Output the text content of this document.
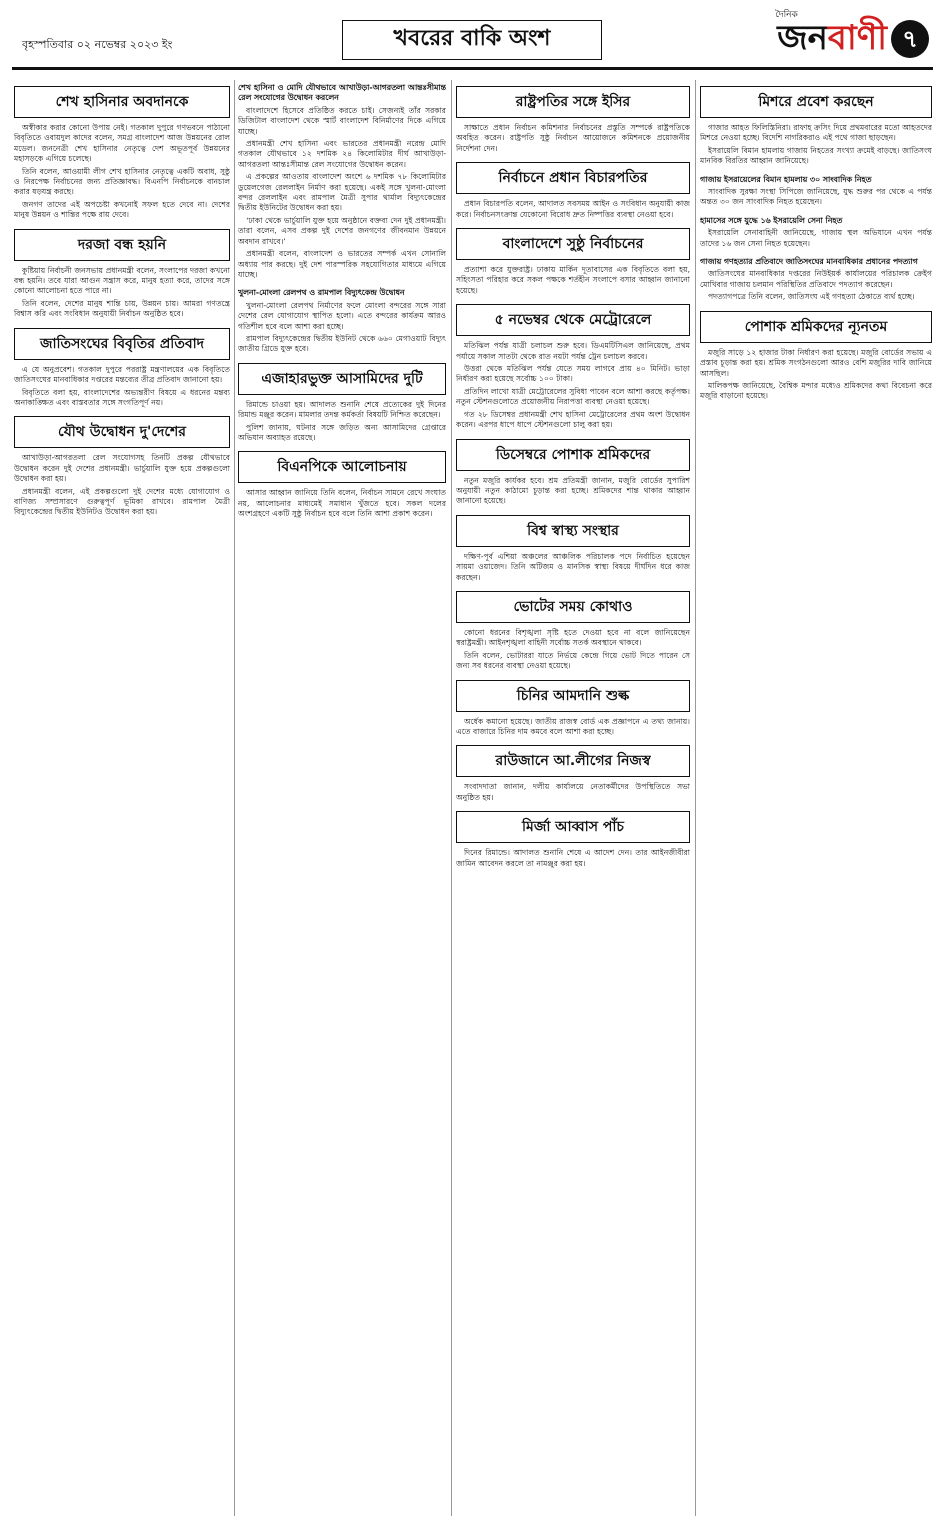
বৃহস্পতিবার ০২ নভেম্বর ২০২৩ ইং	খবরের বাকি অংশ
দৈনিক
জনবাণী ৭
শেখ হাসিনার অবদানকে

অস্বীকার করার কোনো উপায় নেই। গতকাল দুপুরে গণভবনে পাঠানো বিবৃতিতে ওবায়দুল কাদের বলেন, সমগ্র বাংলাদেশ আজ উন্নয়নের রোল মডেল। জননেত্রী শেখ হাসিনার নেতৃত্বে দেশ অভূতপূর্ব উন্নয়নের মহাসড়কে এগিয়ে চলেছে।

তিনি বলেন, আওয়ামী লীগ শেখ হাসিনার নেতৃত্বে একটি অবাধ, সুষ্ঠু ও নিরপেক্ষ নির্বাচনের জন্য প্রতিজ্ঞাবদ্ধ। বিএনপি নির্বাচনকে বানচাল করার ষড়যন্ত্র করছে।

জনগণ তাদের এই অপচেষ্টা কখনোই সফল হতে দেবে না। দেশের মানুষ উন্নয়ন ও শান্তির পক্ষে রায় দেবে।

দরজা বন্ধ হয়নি

কুষ্টিয়ায় নির্বাচনী জনসভায় প্রধানমন্ত্রী বলেন, সংলাপের দরজা কখনো বন্ধ হয়নি। তবে যারা আগুন সন্ত্রাস করে, মানুষ হত্যা করে, তাদের সঙ্গে কোনো আলোচনা হতে পারে না।

তিনি বলেন, দেশের মানুষ শান্তি চায়, উন্নয়ন চায়। আমরা গণতন্ত্রে বিশ্বাস করি এবং সংবিধান অনুযায়ী নির্বাচন অনুষ্ঠিত হবে।

জাতিসংঘের বিবৃতির প্রতিবাদ

এ যে অনুপ্রবেশ। গতকাল দুপুরে পররাষ্ট্র মন্ত্রণালয়ের এক বিবৃতিতে জাতিসংঘের মানবাধিকার দপ্তরের মন্তব্যের তীব্র প্রতিবাদ জানানো হয়।

বিবৃতিতে বলা হয়, বাংলাদেশের অভ্যন্তরীণ বিষয়ে এ ধরনের মন্তব্য অনাকাঙ্ক্ষিত এবং বাস্তবতার সঙ্গে সংগতিপূর্ণ নয়।

যৌথ উদ্বোধন দু'দেশের

আখাউড়া-আগরতলা রেল সংযোগসহ তিনটি প্রকল্প যৌথভাবে উদ্বোধন করেন দুই দেশের প্রধানমন্ত্রী। ভার্চুয়ালি যুক্ত হয়ে প্রকল্পগুলো উদ্বোধন করা হয়।

প্রধানমন্ত্রী বলেন, এই প্রকল্পগুলো দুই দেশের মধ্যে যোগাযোগ ও বাণিজ্য সম্প্রসারণে গুরুত্বপূর্ণ ভূমিকা রাখবে। রামপাল মৈত্রী বিদ্যুৎকেন্দ্রের দ্বিতীয় ইউনিটও উদ্বোধন করা হয়।

শেখ হাসিনা ও মোদি যৌথভাবে আখাউড়া-আগরতলা আন্তঃসীমান্ত রেল সংযোগের উদ্বোধন করলেন

বাংলাদেশে হিসেবে প্রতিষ্ঠিত করতে চাই। সেজন্যই তাঁর সরকার ডিজিটাল বাংলাদেশ থেকে স্মার্ট বাংলাদেশ বিনির্মাণের দিকে এগিয়ে যাচ্ছে।

প্রধানমন্ত্রী শেখ হাসিনা এবং ভারতের প্রধানমন্ত্রী নরেন্দ্র মোদি গতকাল যৌথভাবে ১২ দশমিক ২৪ কিলোমিটার দীর্ঘ আখাউড়া-আগরতলা আন্তঃসীমান্ত রেল সংযোগের উদ্বোধন করেন।

এ প্রকল্পের আওতায় বাংলাদেশ অংশে ৬ দশমিক ৭৮ কিলোমিটার ডুয়েলগেজ রেললাইন নির্মাণ করা হয়েছে। একই সঙ্গে খুলনা-মোংলা বন্দর রেললাইন এবং রামপাল মৈত্রী সুপার থার্মাল বিদ্যুৎকেন্দ্রের দ্বিতীয় ইউনিটের উদ্বোধন করা হয়।

‘ঢাকা থেকে ভার্চুয়ালি যুক্ত হয়ে অনুষ্ঠানে বক্তব্য দেন দুই প্রধানমন্ত্রী। তারা বলেন, এসব প্রকল্প দুই দেশের জনগণের জীবনমান উন্নয়নে অবদান রাখবে।’

প্রধানমন্ত্রী বলেন, বাংলাদেশ ও ভারতের সম্পর্ক এখন সোনালি অধ্যায় পার করছে। দুই দেশ পারস্পরিক সহযোগিতার মাধ্যমে এগিয়ে যাচ্ছে।

খুলনা-মোংলা রেলপথ ও রামপাল বিদ্যুৎকেন্দ্র উদ্বোধন

খুলনা-মোংলা রেলপথ নির্মাণের ফলে মোংলা বন্দরের সঙ্গে সারা দেশের রেল যোগাযোগ স্থাপিত হলো। এতে বন্দরের কার্যক্রম আরও গতিশীল হবে বলে আশা করা হচ্ছে।

রামপাল বিদ্যুৎকেন্দ্রের দ্বিতীয় ইউনিট থেকে ৬৬০ মেগাওয়াট বিদ্যুৎ জাতীয় গ্রিডে যুক্ত হবে।

এজাহারভুক্ত আসামিদের দুটি

রিমান্ডে চাওয়া হয়। আদালত শুনানি শেষে প্রত্যেকের দুই দিনের রিমান্ড মঞ্জুর করেন। মামলার তদন্ত কর্মকর্তা বিষয়টি নিশ্চিত করেছেন।

পুলিশ জানায়, ঘটনার সঙ্গে জড়িত অন্য আসামিদের গ্রেপ্তারে অভিযান অব্যাহত রয়েছে।

বিএনপিকে আলোচনায়

আসার আহ্বান জানিয়ে তিনি বলেন, নির্বাচন সামনে রেখে সংঘাত নয়, আলোচনার মাধ্যমেই সমাধান খুঁজতে হবে। সকল দলের অংশগ্রহণে একটি সুষ্ঠু নির্বাচন হবে বলে তিনি আশা প্রকাশ করেন।

রাষ্ট্রপতির সঙ্গে ইসির

সাক্ষাতে প্রধান নির্বাচন কমিশনার নির্বাচনের প্রস্তুতি সম্পর্কে রাষ্ট্রপতিকে অবহিত করেন। রাষ্ট্রপতি সুষ্ঠু নির্বাচন আয়োজনে কমিশনকে প্রয়োজনীয় নির্দেশনা দেন।

নির্বাচনে প্রধান বিচারপতির

প্রধান বিচারপতি বলেন, আদালত সবসময় আইন ও সংবিধান অনুযায়ী কাজ করে। নির্বাচনসংক্রান্ত যেকোনো বিরোধ দ্রুত নিষ্পত্তির ব্যবস্থা নেওয়া হবে।

বাংলাদেশে সুষ্ঠু নির্বাচনের

প্রত্যাশা করে যুক্তরাষ্ট্র। ঢাকায় মার্কিন দূতাবাসের এক বিবৃতিতে বলা হয়, সহিংসতা পরিহার করে সকল পক্ষকে শর্তহীন সংলাপে বসার আহ্বান জানানো হয়েছে।

৫ নভেম্বর থেকে মেট্রোরেলে

মতিঝিল পর্যন্ত যাত্রী চলাচল শুরু হবে। ডিএমটিসিএল জানিয়েছে, প্রথম পর্যায়ে সকাল সাতটা থেকে রাত নয়টা পর্যন্ত ট্রেন চলাচল করবে।

উত্তরা থেকে মতিঝিল পর্যন্ত যেতে সময় লাগবে প্রায় ৪০ মিনিট। ভাড়া নির্ধারণ করা হয়েছে সর্বোচ্চ ১০০ টাকা।

প্রতিদিন লাখো যাত্রী মেট্রোরেলের সুবিধা পাবেন বলে আশা করছে কর্তৃপক্ষ। নতুন স্টেশনগুলোতে প্রয়োজনীয় নিরাপত্তা ব্যবস্থা নেওয়া হয়েছে।

গত ২৮ ডিসেম্বর প্রধানমন্ত্রী শেখ হাসিনা মেট্রোরেলের প্রথম অংশ উদ্বোধন করেন। এরপর ধাপে ধাপে স্টেশনগুলো চালু করা হয়।

ডিসেম্বরে পোশাক শ্রমিকদের

নতুন মজুরি কার্যকর হবে। শ্রম প্রতিমন্ত্রী জানান, মজুরি বোর্ডের সুপারিশ অনুযায়ী নতুন কাঠামো চূড়ান্ত করা হচ্ছে। শ্রমিকদের শান্ত থাকার আহ্বান জানানো হয়েছে।

বিশ্ব স্বাস্থ্য সংস্থার

দক্ষিণ-পূর্ব এশিয়া অঞ্চলের আঞ্চলিক পরিচালক পদে নির্বাচিত হয়েছেন সায়মা ওয়াজেদ। তিনি অটিজম ও মানসিক স্বাস্থ্য বিষয়ে দীর্ঘদিন ধরে কাজ করছেন।

ভোটের সময় কোথাও

কোনো ধরনের বিশৃঙ্খলা সৃষ্টি হতে দেওয়া হবে না বলে জানিয়েছেন স্বরাষ্ট্রমন্ত্রী। আইনশৃঙ্খলা বাহিনী সর্বোচ্চ সতর্ক অবস্থানে থাকবে।

তিনি বলেন, ভোটাররা যাতে নির্ভয়ে কেন্দ্রে গিয়ে ভোট দিতে পারেন সে জন্য সব ধরনের ব্যবস্থা নেওয়া হয়েছে।

চিনির আমদানি শুল্ক

অর্ধেক কমানো হয়েছে। জাতীয় রাজস্ব বোর্ড এক প্রজ্ঞাপনে এ তথ্য জানায়। এতে বাজারে চিনির দাম কমবে বলে আশা করা হচ্ছে।

রাউজানে আ.লীগের নিজস্ব

সংবাদদাতা জানান, দলীয় কার্যালয়ে নেতাকর্মীদের উপস্থিতিতে সভা অনুষ্ঠিত হয়।

মির্জা আব্বাস পাঁচ

দিনের রিমান্ডে। আদালত শুনানি শেষে এ আদেশ দেন। তার আইনজীবীরা জামিন আবেদন করলে তা নামঞ্জুর করা হয়।

মিশরে প্রবেশ করছেন

গাজার আহত ফিলিস্তিনিরা। রাফাহ ক্রসিং দিয়ে প্রথমবারের মতো আহতদের মিশরে নেওয়া হচ্ছে। বিদেশি নাগরিকরাও এই পথে গাজা ছাড়ছেন।

ইসরায়েলি বিমান হামলায় গাজায় নিহতের সংখ্যা ক্রমেই বাড়ছে। জাতিসংঘ মানবিক বিরতির আহ্বান জানিয়েছে।

গাজায় ইসরায়েলের বিমান হামলায় ৩০ সাংবাদিক নিহত

সাংবাদিক সুরক্ষা সংস্থা সিপিজে জানিয়েছে, যুদ্ধ শুরুর পর থেকে এ পর্যন্ত অন্তত ৩০ জন সাংবাদিক নিহত হয়েছেন।

হামাসের সঙ্গে যুদ্ধে ১৬ ইসরায়েলি সেনা নিহত

ইসরায়েলি সেনাবাহিনী জানিয়েছে, গাজায় স্থল অভিযানে এখন পর্যন্ত তাদের ১৬ জন সেনা নিহত হয়েছেন।

গাজায় গণহত্যার প্রতিবাদে জাতিসংঘের মানবাধিকার প্রধানের পদত্যাগ

জাতিসংঘের মানবাধিকার দপ্তরের নিউইয়র্ক কার্যালয়ের পরিচালক ক্রেইগ মোখিবার গাজায় চলমান পরিস্থিতির প্রতিবাদে পদত্যাগ করেছেন।

পদত্যাগপত্রে তিনি বলেন, জাতিসংঘ এই গণহত্যা ঠেকাতে ব্যর্থ হচ্ছে।

পোশাক শ্রমিকদের ন্যূনতম

মজুরি সাড়ে ১২ হাজার টাকা নির্ধারণ করা হয়েছে। মজুরি বোর্ডের সভায় এ প্রস্তাব চূড়ান্ত করা হয়। শ্রমিক সংগঠনগুলো আরও বেশি মজুরির দাবি জানিয়ে আসছিল।

মালিকপক্ষ জানিয়েছে, বৈশ্বিক মন্দার মধ্যেও শ্রমিকদের কথা বিবেচনা করে মজুরি বাড়ানো হয়েছে।
